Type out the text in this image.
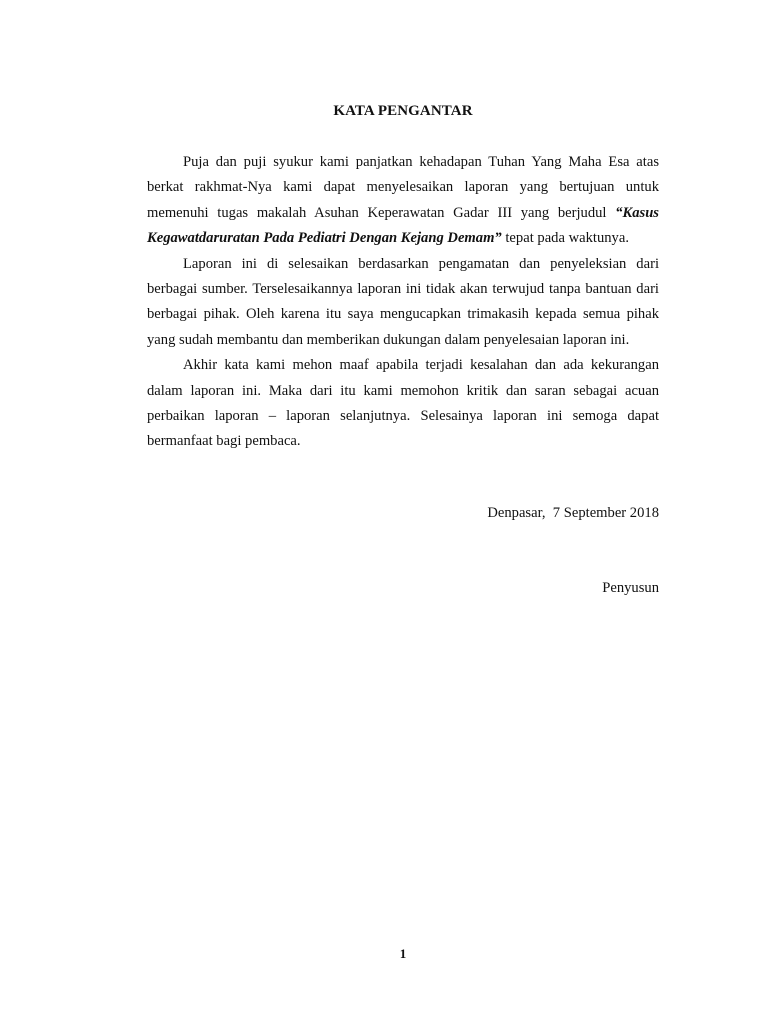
KATA PENGANTAR

Puja dan puji syukur kami panjatkan kehadapan Tuhan Yang Maha Esa atas berkat rakhmat-Nya kami dapat menyelesaikan laporan yang bertujuan untuk memenuhi tugas makalah Asuhan Keperawatan Gadar III yang berjudul “Kasus Kegawatdaruratan Pada Pediatri Dengan Kejang Demam” tepat pada waktunya.

Laporan ini di selesaikan berdasarkan pengamatan dan penyeleksian dari berbagai sumber. Terselesaikannya laporan ini tidak akan terwujud tanpa bantuan dari berbagai pihak. Oleh karena itu saya mengucapkan trimakasih kepada semua pihak yang sudah membantu dan memberikan dukungan dalam penyelesaian laporan ini.

Akhir kata kami mehon maaf apabila terjadi kesalahan dan ada kekurangan dalam laporan ini. Maka dari itu kami memohon kritik dan saran sebagai acuan perbaikan laporan – laporan selanjutnya. Selesainya laporan ini semoga dapat bermanfaat bagi pembaca.

Denpasar,  7 September 2018
Penyusun
1
